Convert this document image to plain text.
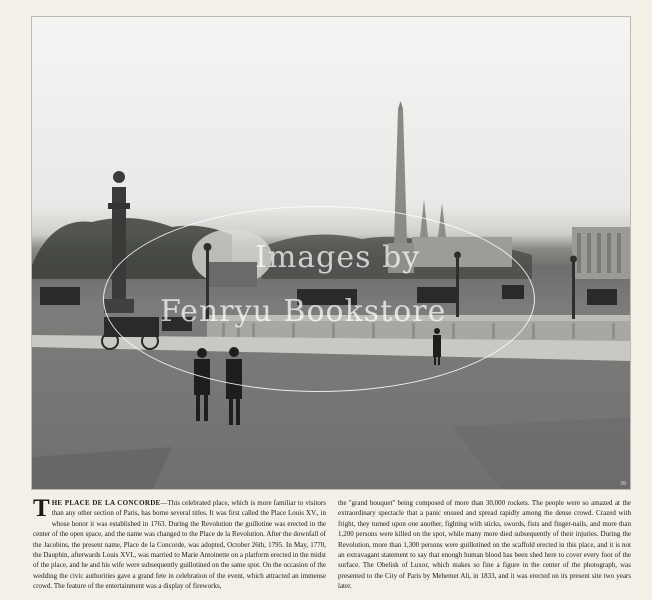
39
Images by
Fenryu Bookstore
THE PLACE DE LA CONCORDE—This celebrated place, which is more familiar to visitors than any other section of Paris, has borne several titles. It was first called the Place Louis XV., in whose honor it was established in 1763. During the Revolution the guillotine was erected in the center of the open space, and the name was changed to the Place de la Revolution. After the downfall of the Jacobins, the present name, Place de la Concorde, was adopted, October 26th, 1795. In May, 1770, the Dauphin, afterwards Louis XVI., was married to Marie Antoinette on a platform erected in the midst of the place, and he and his wife were subsequently guillotined on the same spot. On the occasion of the wedding the civic authorities gave a grand fete in celebration of the event, which attracted an immense crowd. The feature of the entertainment was a display of fireworks,
the ''grand bouquet'' being composed of more than 30,000 rockets. The people were so amazed at the extraordinary spectacle that a panic ensued and spread rapidly among the dense crowd. Crazed with fright, they turned upon one another, fighting with sticks, swords, fists and finger-nails, and more than 1,200 persons were killed on the spot, while many more died subsequently of their injuries. During the Revolution, more than 1,300 persons were guillotined on the scaffold erected in this place, and it is not an extravagant statement to say that enough human blood has been shed here to cover every foot of the surface. The Obelisk of Luxor, which makes so fine a figure in the center of the photograph, was presented to the City of Paris by Mehemet Ali, in 1833, and it was erected on its present site two years later.
